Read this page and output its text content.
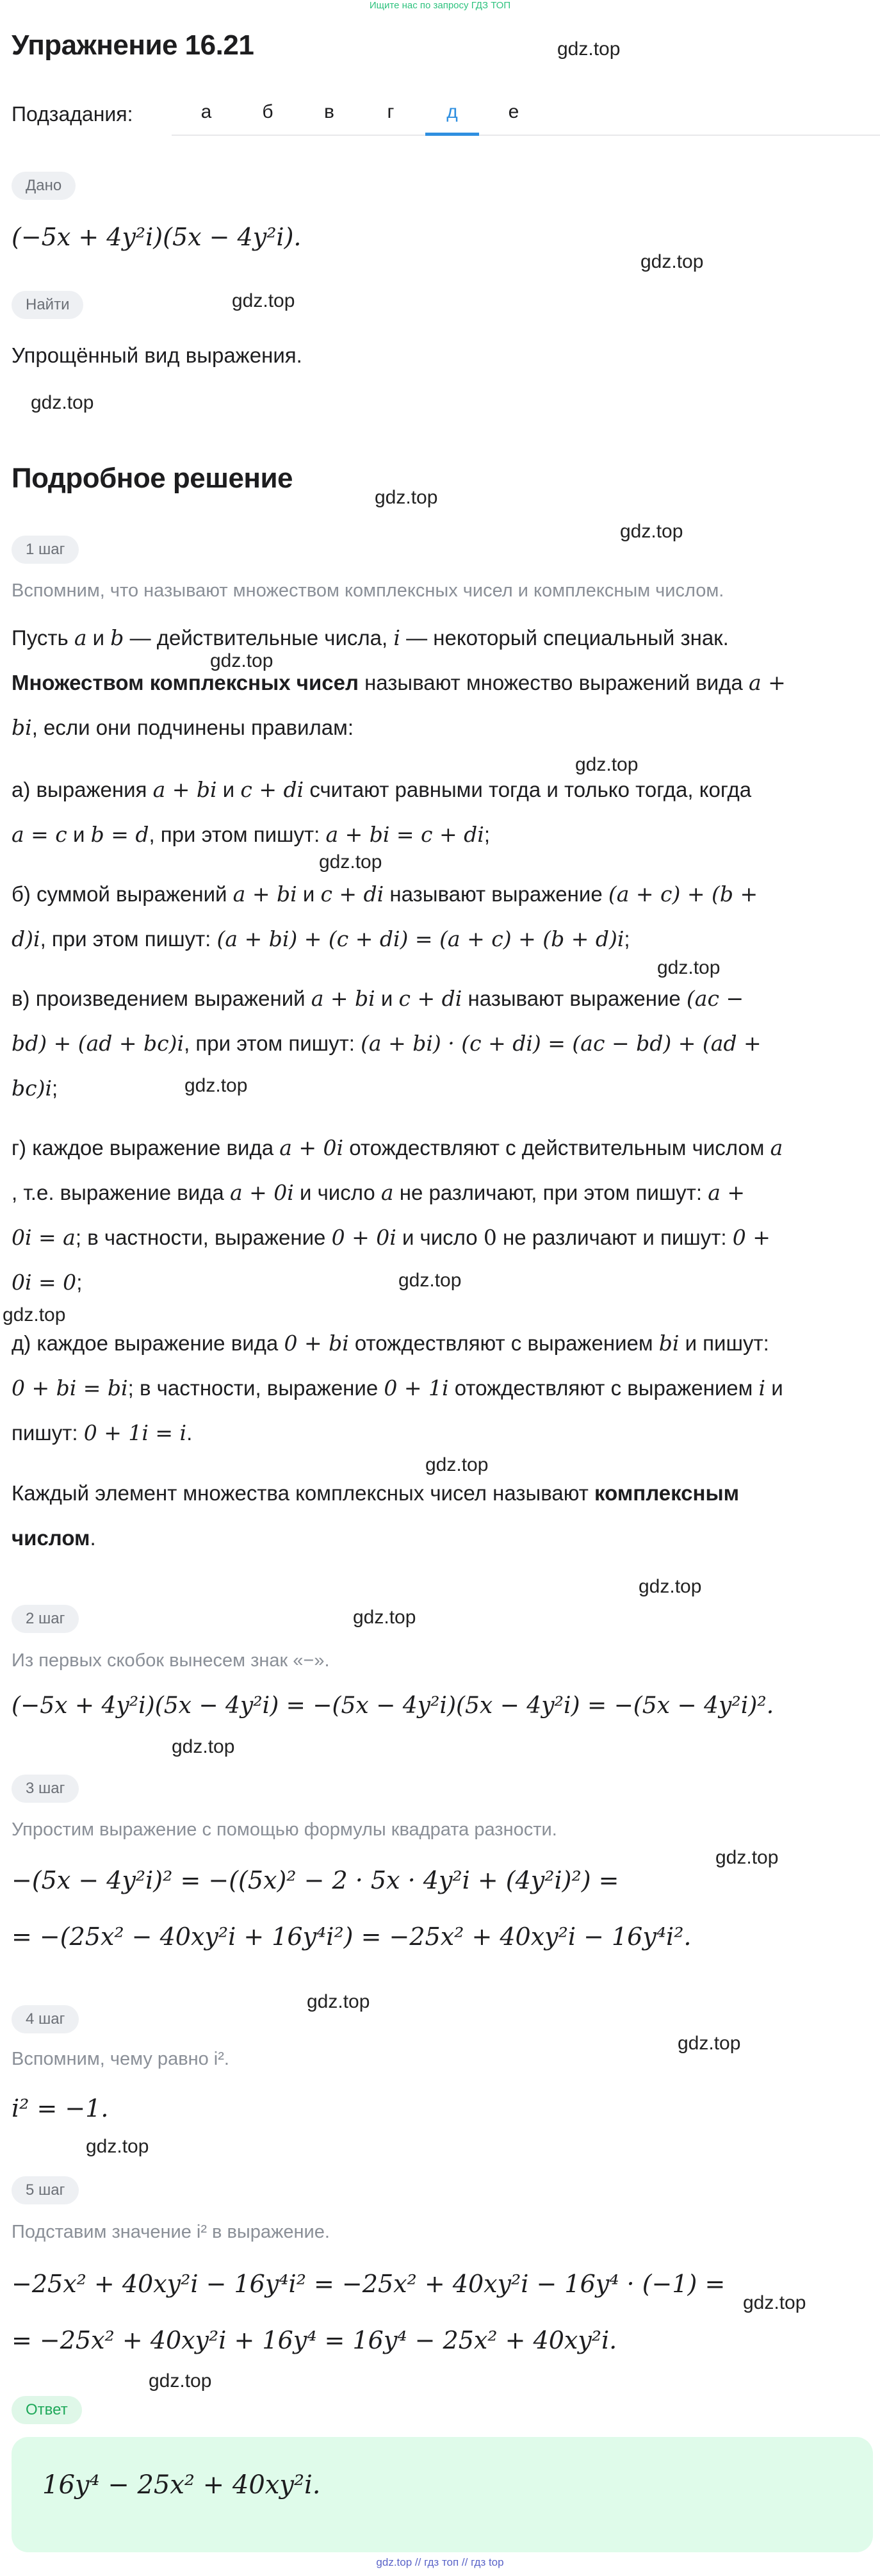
Ищите нас по запросу ГДЗ ТОП
Упражнение 16.21	gdz.top
gdz.top
gdz.top
gdz.top
gdz.top
gdz.top
gdz.top
gdz.top
gdz.top
gdz.top
gdz.top
gdz.top
gdz.top
gdz.top
gdz.top
gdz.top
gdz.top
gdz.top
gdz.top
gdz.top
gdz.top
gdz.top
gdz.top
Подзадания:	а	б	в	г	д	е
Дано
(−5x + 4y²i)(5x − 4y²i).
Найти
Упрощённый вид выражения.
Подробное решение
1 шаг
Вспомним, что называют множеством комплексных чисел и комплексным числом.
Пусть a и b — действительные числа, i — некоторый специальный знак.
Множеством комплексных чисел называют множество выражений вида a +
bi, если они подчинены правилам:
а) выражения a + bi и c + di считают равными тогда и только тогда, когда
a = c и b = d, при этом пишут: a + bi = c + di;
б) суммой выражений a + bi и c + di называют выражение (a + c) + (b +
d)i, при этом пишут: (a + bi) + (c + di) = (a + c) + (b + d)i;
в) произведением выражений a + bi и c + di называют выражение (ac −
bd) + (ad + bc)i, при этом пишут: (a + bi) · (c + di) = (ac − bd) + (ad +
bc)i;
г) каждое выражение вида a + 0i отождествляют с действительным числом a
, т.е. выражение вида a + 0i и число a не различают, при этом пишут: a +
0i = a; в частности, выражение 0 + 0i и число 0 не различают и пишут: 0 +
0i = 0;
д) каждое выражение вида 0 + bi отождествляют с выражением bi и пишут:
0 + bi = bi; в частности, выражение 0 + 1i отождествляют с выражением i и
пишут: 0 + 1i = i.
Каждый элемент множества комплексных чисел называют комплексным
числом.
2 шаг
Из первых скобок вынесем знак «−».
(−5x + 4y²i)(5x − 4y²i) = −(5x − 4y²i)(5x − 4y²i) = −(5x − 4y²i)².
3 шаг
Упростим выражение с помощью формулы квадрата разности.
−(5x − 4y²i)² = −((5x)² − 2 · 5x · 4y²i + (4y²i)²) =
= −(25x² − 40xy²i + 16y⁴i²) = −25x² + 40xy²i − 16y⁴i².
4 шаг
Вспомним, чему равно i².
i² = −1.
5 шаг
Подставим значение i² в выражение.
−25x² + 40xy²i − 16y⁴i² = −25x² + 40xy²i − 16y⁴ · (−1) =
= −25x² + 40xy²i + 16y⁴ = 16y⁴ − 25x² + 40xy²i.
Ответ
16y⁴ − 25x² + 40xy²i.
gdz.top // гдз топ // гдз top
